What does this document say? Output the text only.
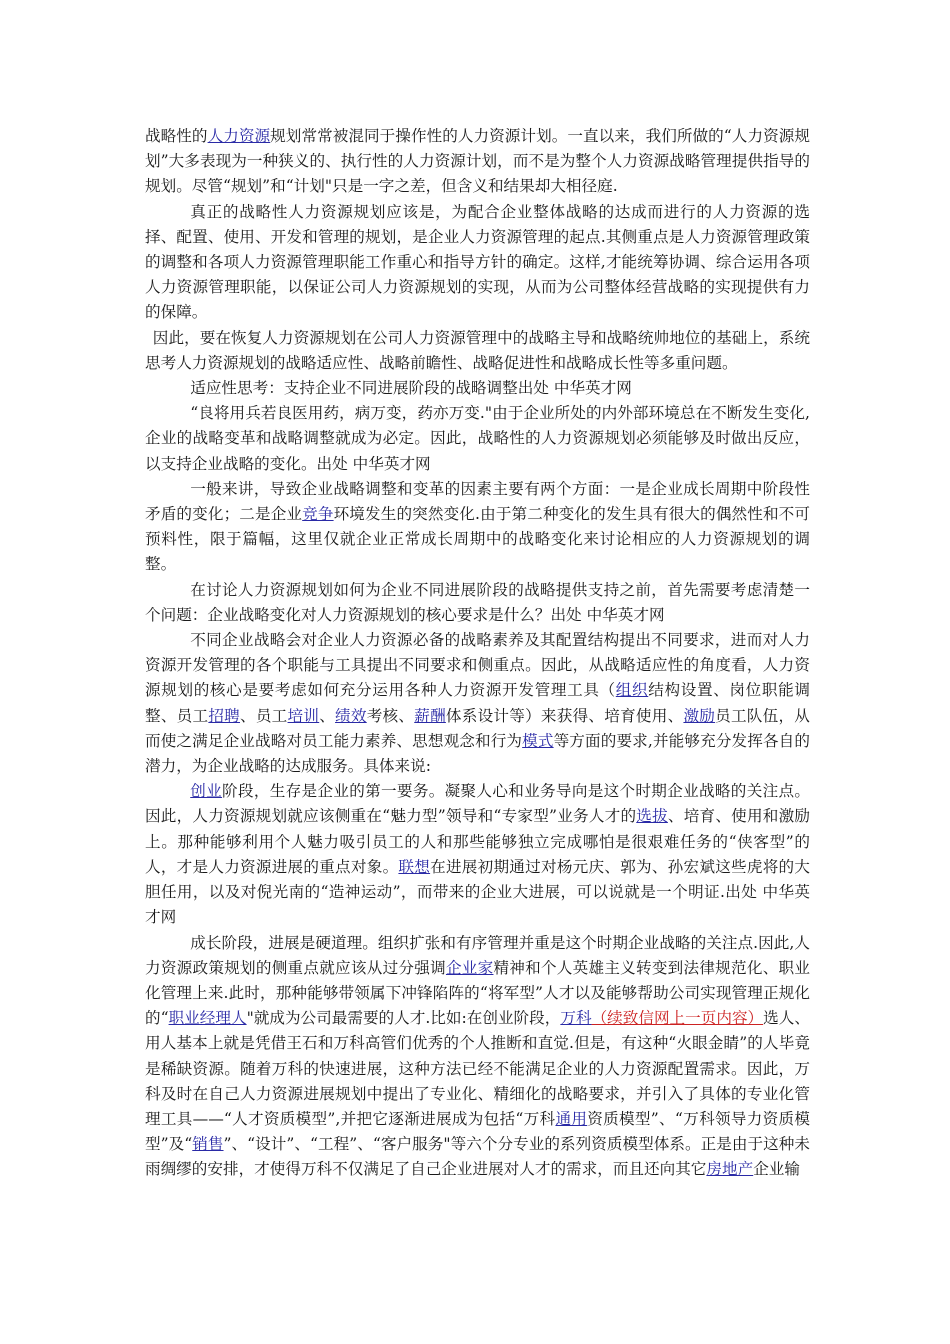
战略性的人力资源规划常常被混同于操作性的人力资源计划。一直以来，我们所做的“人力资源规划”大多表现为一种狭义的、执行性的人力资源计划，而不是为整个人力资源战略管理提供指导的规划。尽管“规划”和“计划"只是一字之差，但含义和结果却大相径庭.

真正的战略性人力资源规划应该是，为配合企业整体战略的达成而进行的人力资源的选择、配置、使用、开发和管理的规划，是企业人力资源管理的起点.其侧重点是人力资源管理政策的调整和各项人力资源管理职能工作重心和指导方针的确定。这样,才能统筹协调、综合运用各项人力资源管理职能，以保证公司人力资源规划的实现，从而为公司整体经营战略的实现提供有力的保障。

因此，要在恢复人力资源规划在公司人力资源管理中的战略主导和战略统帅地位的基础上，系统思考人力资源规划的战略适应性、战略前瞻性、战略促进性和战略成长性等多重问题。

适应性思考：支持企业不同进展阶段的战略调整出处 中华英才网

“良将用兵若良医用药，病万变，药亦万变."由于企业所处的内外部环境总在不断发生变化,企业的战略变革和战略调整就成为必定。因此，战略性的人力资源规划必须能够及时做出反应，以支持企业战略的变化。出处 中华英才网

一般来讲，导致企业战略调整和变革的因素主要有两个方面：一是企业成长周期中阶段性矛盾的变化；二是企业竞争环境发生的突然变化.由于第二种变化的发生具有很大的偶然性和不可预料性，限于篇幅，这里仅就企业正常成长周期中的战略变化来讨论相应的人力资源规划的调整。

在讨论人力资源规划如何为企业不同进展阶段的战略提供支持之前，首先需要考虑清楚一个问题：企业战略变化对人力资源规划的核心要求是什么？出处 中华英才网

不同企业战略会对企业人力资源必备的战略素养及其配置结构提出不同要求，进而对人力资源开发管理的各个职能与工具提出不同要求和侧重点。因此，从战略适应性的角度看，人力资源规划的核心是要考虑如何充分运用各种人力资源开发管理工具（组织结构设置、岗位职能调整、员工招聘、员工培训、绩效考核、薪酬体系设计等）来获得、培育使用、激励员工队伍，从而使之满足企业战略对员工能力素养、思想观念和行为模式等方面的要求,并能够充分发挥各自的潜力，为企业战略的达成服务。具体来说:

创业阶段，生存是企业的第一要务。凝聚人心和业务导向是这个时期企业战略的关注点。因此，人力资源规划就应该侧重在“魅力型”领导和“专家型”业务人才的选拔、培育、使用和激励上。那种能够利用个人魅力吸引员工的人和那些能够独立完成哪怕是很艰难任务的“侠客型”的人，才是人力资源进展的重点对象。联想在进展初期通过对杨元庆、郭为、孙宏斌这些虎将的大胆任用，以及对倪光南的“造神运动”，而带来的企业大进展，可以说就是一个明证.出处 中华英才网

成长阶段，进展是硬道理。组织扩张和有序管理并重是这个时期企业战略的关注点.因此,人力资源政策规划的侧重点就应该从过分强调企业家精神和个人英雄主义转变到法律规范化、职业化管理上来.此时，那种能够带领属下冲锋陷阵的“将军型”人才以及能够帮助公司实现管理正规化的“职业经理人"就成为公司最需要的人才.比如:在创业阶段，万科（续致信网上一页内容）选人、用人基本上就是凭借王石和万科高管们优秀的个人推断和直觉.但是，有这种“火眼金睛”的人毕竟是稀缺资源。随着万科的快速进展，这种方法已经不能满足企业的人力资源配置需求。因此，万科及时在自己人力资源进展规划中提出了专业化、精细化的战略要求，并引入了具体的专业化管理工具——“人才资质模型”,并把它逐渐进展成为包括“万科通用资质模型”、“万科领导力资质模型”及“销售”、“设计”、“工程”、“客户服务"等六个分专业的系列资质模型体系。正是由于这种未雨绸缪的安排，才使得万科不仅满足了自己企业进展对人才的需求，而且还向其它房地产企业输
